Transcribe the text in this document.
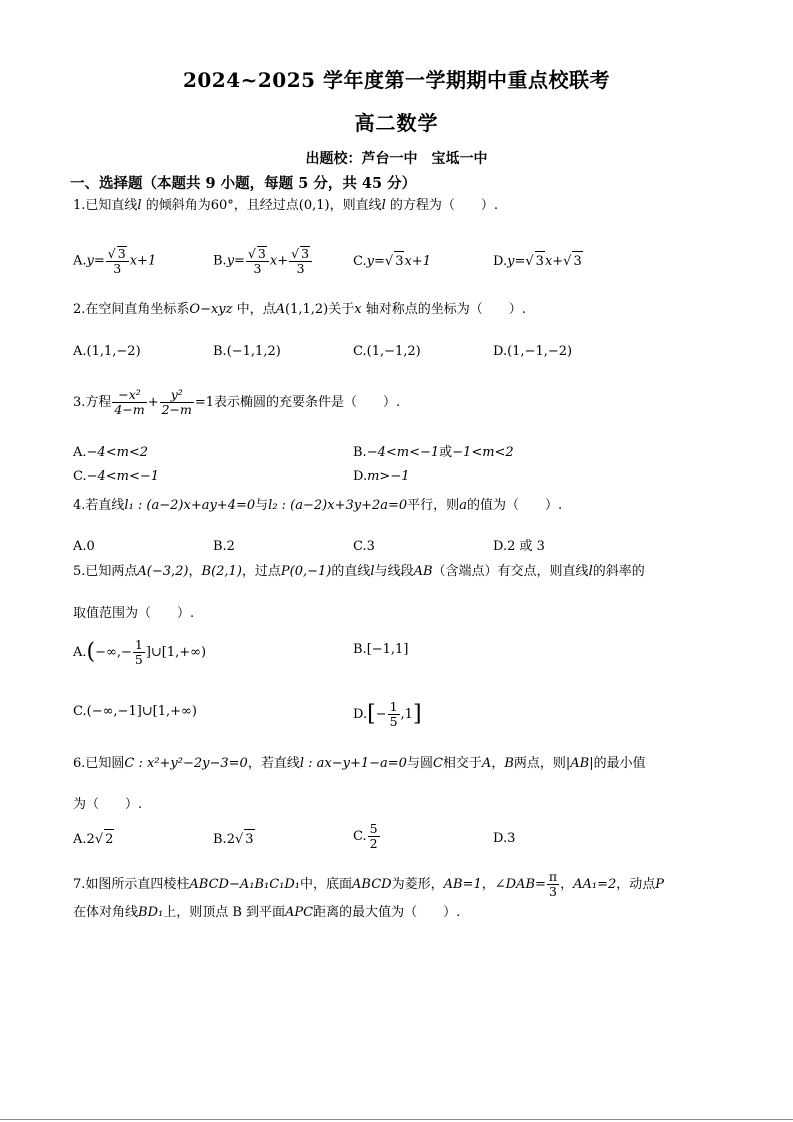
2024~2025 学年度第一学期期中重点校联考
高二数学
出题校：芦台一中 宝坻一中
一、选择题（本题共 9 小题，每题 5 分，共 45 分）
1.已知直线l 的倾斜角为60°，且经过点(0,1)，则直线l 的方程为（　　）.
$A.y= \frac{√ 3}{3} x+1$	$B.y= \frac{√ 3}{3} x+ \frac{√ 3}{3}$	C.y=√ 3x+1	D.y=√ 3x+√ 3
2.在空间直角坐标系O−xyz 中，点A(1,1,2)关于x 轴对称点的坐标为（　　）.
A.(1,1,−2)	B.(−1,1,2)	C.(1,−1,2)	D.(1,−1,−2)
3.方程 $\frac{\text{−x²}}{4-m} + \frac{\text{y²}}{2-m} =1$表示椭圆的充要条件是（　　）.
A.−4<m<2	B.−4<m<−1或−1<m<2
C.−4<m<−1	D.m>−1
4.若直线l₁ : (a−2)x+ay+4=0与l₂ : (a−2)x+3y+2a=0平行，则a的值为（　　）.
A.0	B.2	C.3	D.2 或 3
5.已知两点A(−3,2)，B(2,1)，过点P(0,−1)的直线l与线段AB（含端点）有交点，则直线l的斜率的
取值范围为（　　）.
$A.(-\infty,- \frac{1}{5}$ ]∪[1,+∞)	B.[−1,1]
C.(−∞,−1]∪[1,+∞)	$D.[- \frac{1}{5} ,1]$
6.已知圆C : x²+y²−2y−3=0，若直线l : ax−y+1−a=0与圆C相交于A，B两点，则|AB|的最小值
为（　　）.
A.2√ 2	B.2√ 3	C. $\frac{5}{2}$	D.3
7.如图所示直四棱柱ABCD−A₁B₁C₁D₁中，底面ABCD为菱形，AB=1，∠DAB= $\frac{\pi}{3}$ ，AA₁=2，动点P
在体对角线BD₁上，则顶点 B 到平面APC距离的最大值为（　　）.
